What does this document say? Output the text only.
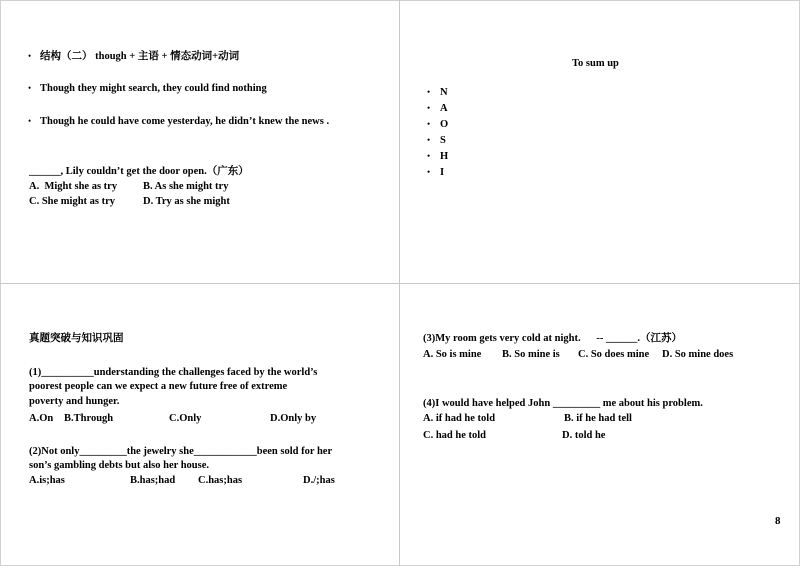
• 结构（二） though + 主语 + 情态动词+动词
• Though they might search, they could find nothing
• Though he could have come yesterday, he didn’t knew the news .
______, Lily couldn’t get the door open.（广东）
A.  Might she as try B. As she might try
C. She might as try	D. Try as she might
To sum up
• N
• A
• O
• S
• H
• I
真题突破与知识巩固
(1)__________understanding the challenges faced by the world’s
poorest people can we expect a new future free of extreme
poverty and hunger.
A.On B.Through	C.Only	D.Only by
(2)Not only_________the jewelry she____________been sold for her
son’s gambling debts but also her house.
A.is;has	B.has;had C.has;has	D./;has
(3)My room gets very cold at night.      -- ______.（江苏）
A. So is mine B. So mine is C. So does mine D. So mine does
(4)I would have helped John _________ me about his problem.
A. if had he told	B. if he had tell
C. had he told	D. told he
8
